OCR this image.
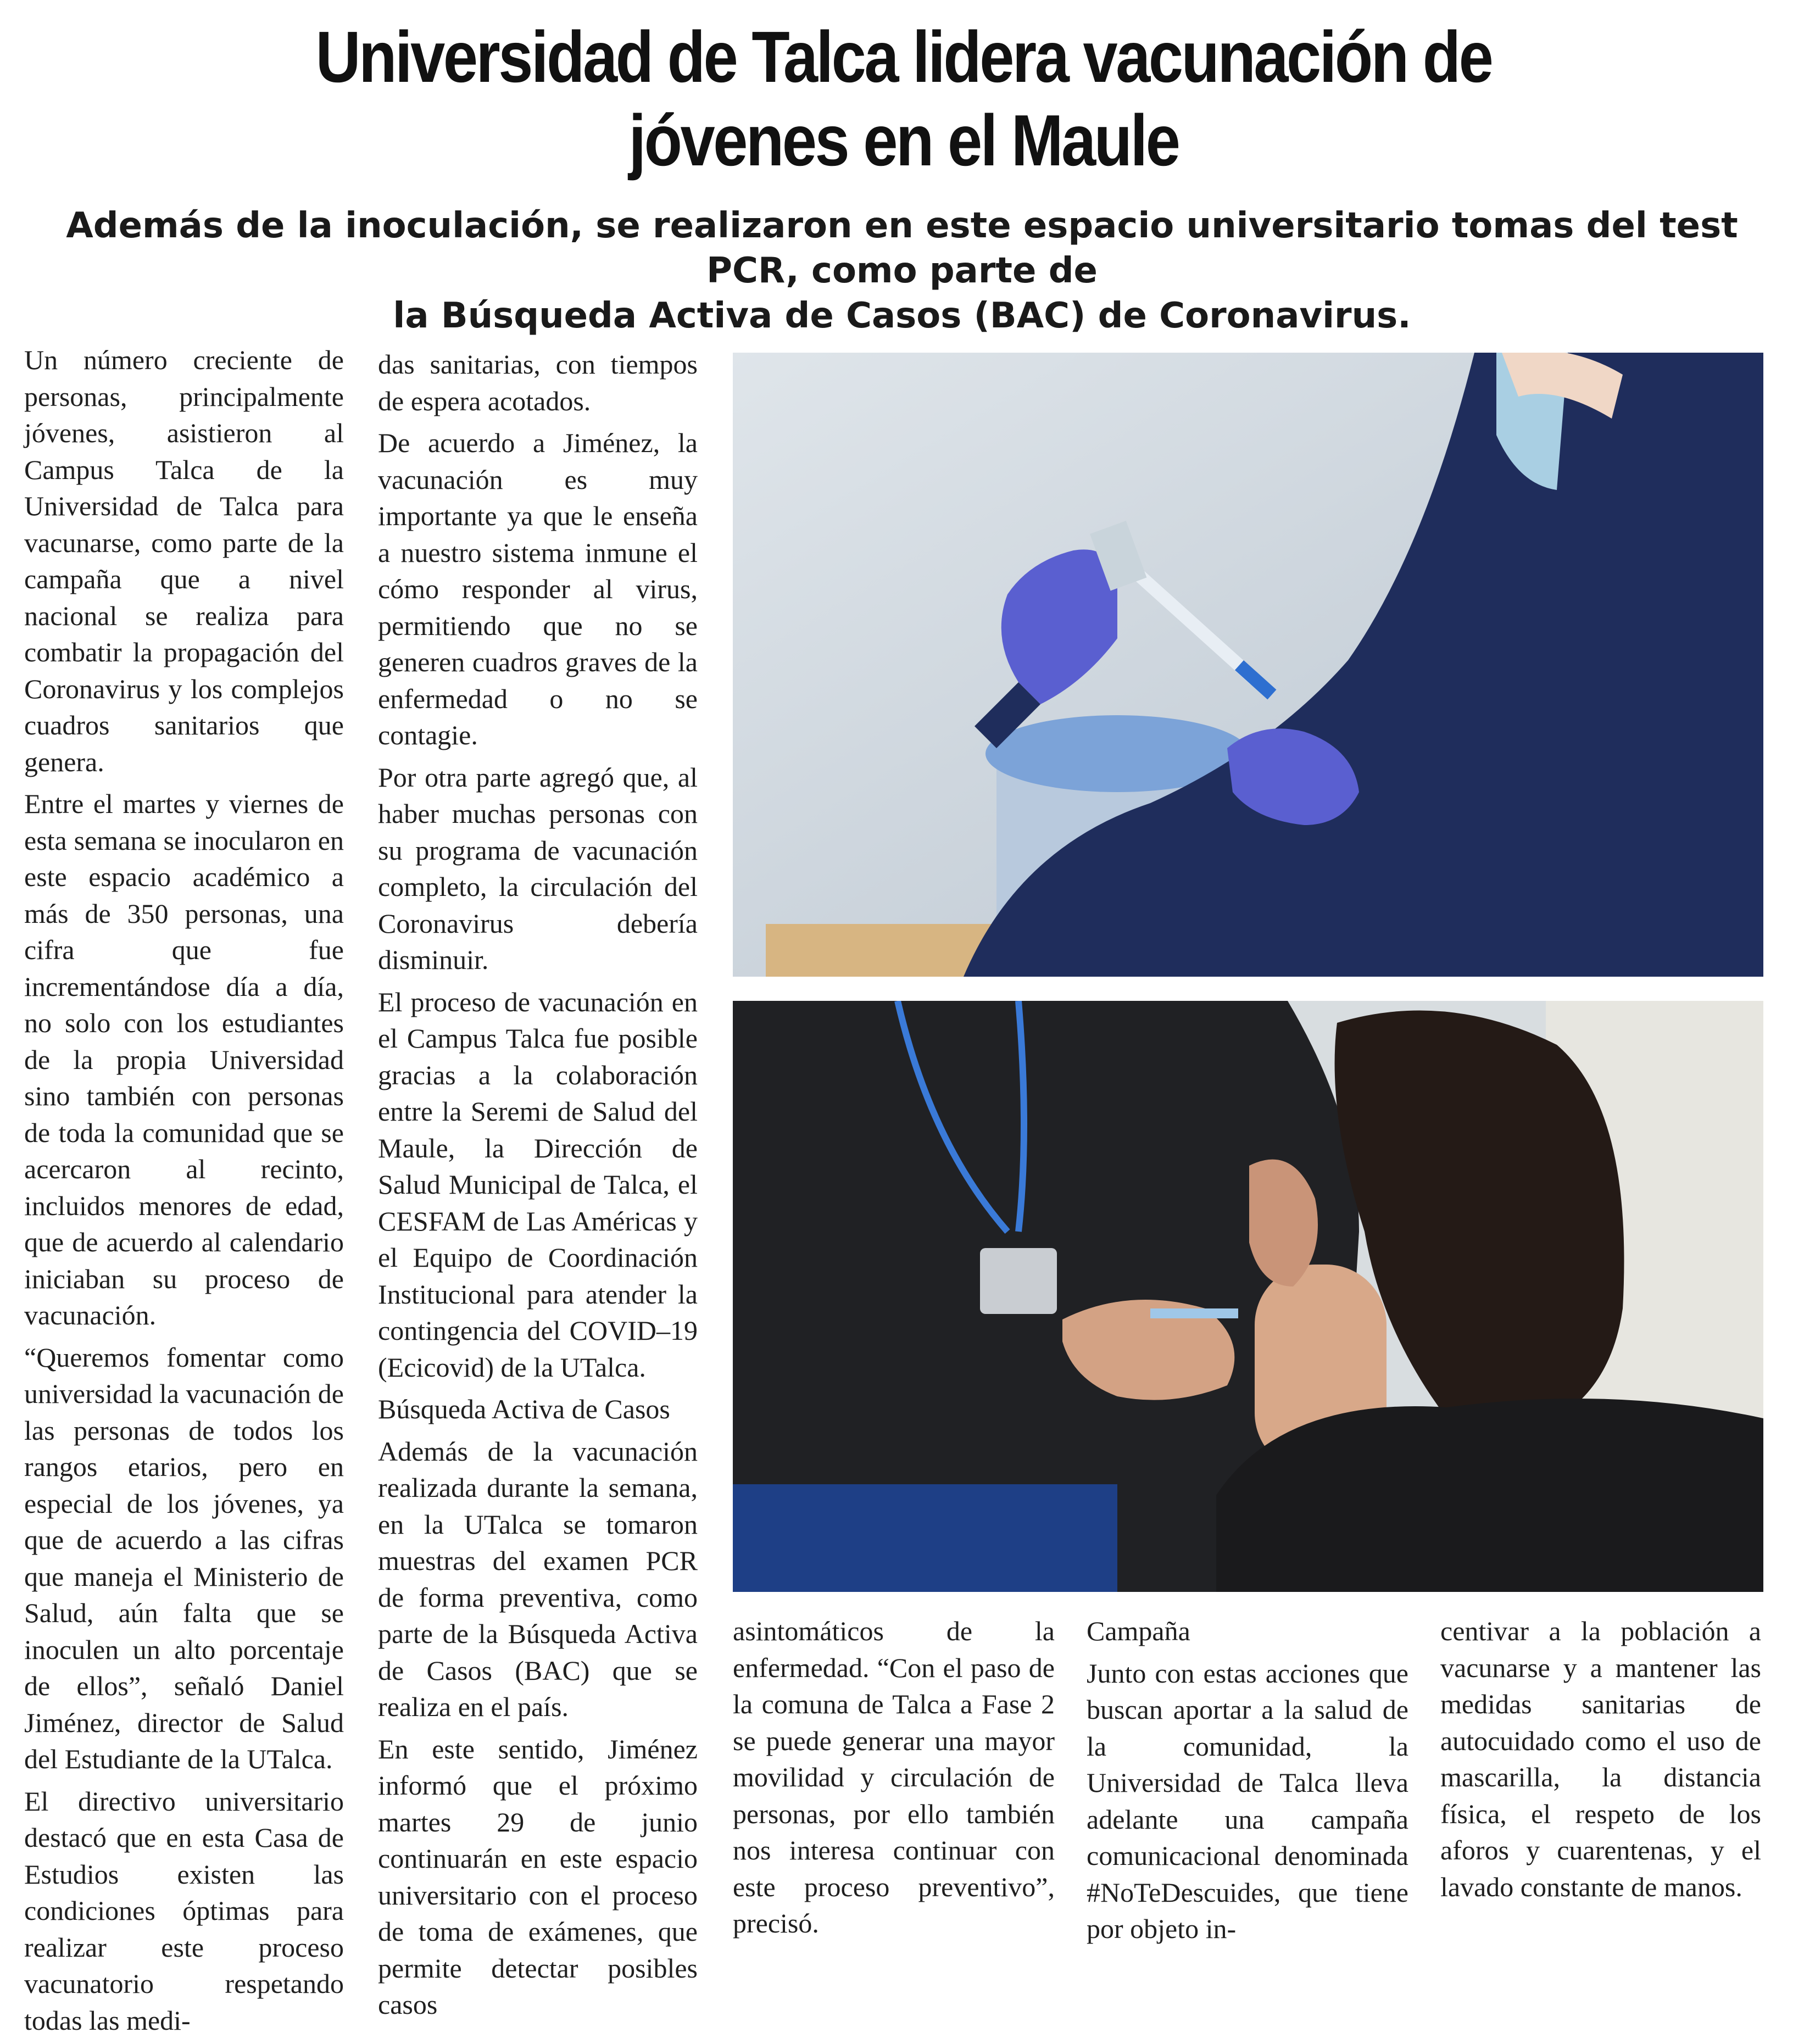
Universidad de Talca lidera vacunación de
jóvenes en el Maule
Además de la inoculación, se realizaron en este espacio universitario tomas del test PCR, como parte de
la Búsqueda Activa de Casos (BAC) de Coronavirus.

Un número creciente de personas, principalmente jóvenes, asistieron al Campus Talca de la Universidad de Talca para vacunarse, como parte de la campaña que a nivel nacional se realiza para combatir la propagación del Coronavirus y los complejos cuadros sanitarios que genera.

Entre el martes y viernes de esta semana se inocularon en este espacio académico a más de 350 personas, una cifra que fue incrementándose día a día, no solo con los estudiantes de la propia Universidad sino también con personas de toda la comunidad que se acercaron al recinto, incluidos menores de edad, que de acuerdo al calendario iniciaban su proceso de vacunación.

“Queremos fomentar como universidad la vacunación de las personas de todos los rangos etarios, pero en especial de los jóvenes, ya que de acuerdo a las cifras que maneja el Ministerio de Salud, aún falta que se inoculen un alto porcentaje de ellos”, señaló Daniel Jiménez, director de Salud del Estudiante de la UTalca.

El directivo universitario destacó que en esta Casa de Estudios existen las condiciones óptimas para realizar este proceso vacunatorio respetando todas las medi-

das sanitarias, con tiempos de espera acotados.

De acuerdo a Jiménez, la vacunación es muy importante ya que le enseña a nuestro sistema inmune el cómo responder al virus, permitiendo que no se generen cuadros graves de la enfermedad o no se contagie.

Por otra parte agregó que, al haber muchas personas con su programa de vacunación completo, la circulación del Coronavirus debería disminuir.

El proceso de vacunación en el Campus Talca fue posible gracias a la colaboración entre la Seremi de Salud del Maule, la Dirección de Salud Municipal de Talca, el CESFAM de Las Américas y el Equipo de Coordinación Institucional para atender la contingencia del COVID–19 (Ecicovid) de la UTalca.

Búsqueda Activa de Casos

Además de la vacunación realizada durante la semana, en la UTalca se tomaron muestras del examen PCR de forma preventiva, como parte de la Búsqueda Activa de Casos (BAC) que se realiza en el país.

En este sentido, Jiménez informó que el próximo martes 29 de junio continuarán en este espacio universitario con el proceso de toma de exámenes, que permite detectar posibles casos

asintomáticos de la enfermedad. “Con el paso de la comuna de Talca a Fase 2 se puede generar una mayor movilidad y circulación de personas, por ello también nos interesa continuar con este proceso preventivo”, precisó.

Campaña

Junto con estas acciones que buscan aportar a la salud de la comunidad, la Universidad de Talca lleva adelante una campaña comunicacional denominada #NoTeDescuides, que tiene por objeto in-

centivar a la población a vacunarse y a mantener las medidas sanitarias de autocuidado como el uso de mascarilla, la distancia física, el respeto de los aforos y cuarentenas, y el lavado constante de manos.
